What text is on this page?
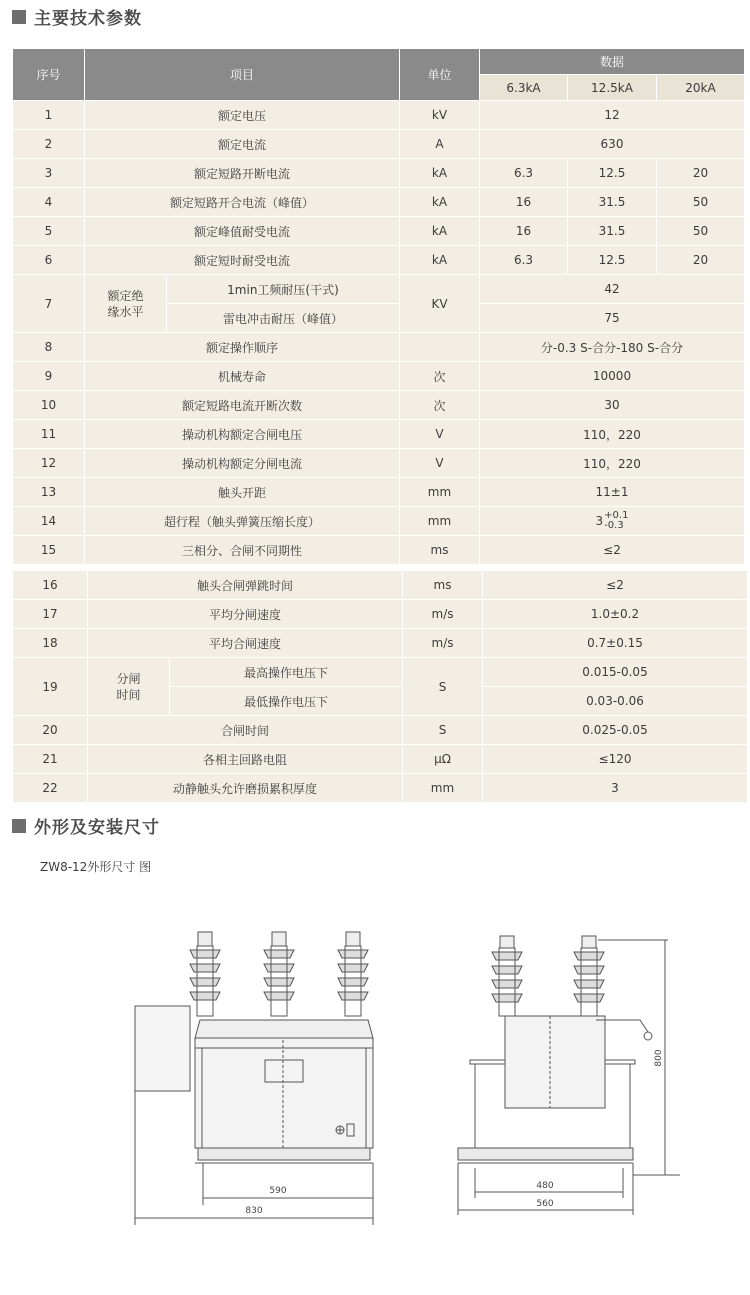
主要技术参数
序号	项目		单位	数据		
				6.3kA	12.5kA	20kA
1	额定电压		kV	12		
2	额定电流		A	630		
3	额定短路开断电流		kA	6.3	12.5	20
4	额定短路开合电流（峰值）		kA	16	31.5	50
5	额定峰值耐受电流		kA	16	31.5	50
6	额定短时耐受电流		kA	6.3	12.5	20
7	额定绝缘水平	1min工频耐压(干式)	KV	42		
		雷电冲击耐压（峰值）		75		
8	额定操作顺序			分-0.3 S-合分-180 S-合分		
9	机械寿命		次	10000		
10	额定短路电流开断次数		次	30		
11	操动机构额定合闸电压		V	110，220		
12	操动机构额定分闸电流		V	110，220		
13	触头开距		mm	11±1		
14	超行程（触头弹簧压缩长度）		mm	3 +0.1
-0.3		

15	三相分、合闸不同期性		ms	≤2		
16	触头合闸弹跳时间		ms	≤2
17	平均分闸速度		m/s	1.0±0.2
18	平均合闸速度		m/s	0.7±0.15
19	分闸时间	最高操作电压下	S	0.015-0.05
		最低操作电压下		0.03-0.06
20	合闸时间		S	0.025-0.05
21	各相主回路电阻		μΩ	≤120
22	动静触头允许磨损累积厚度		mm	3
外形及安装尺寸
ZW8-12外形尺寸 图
590
830
480
560
800
